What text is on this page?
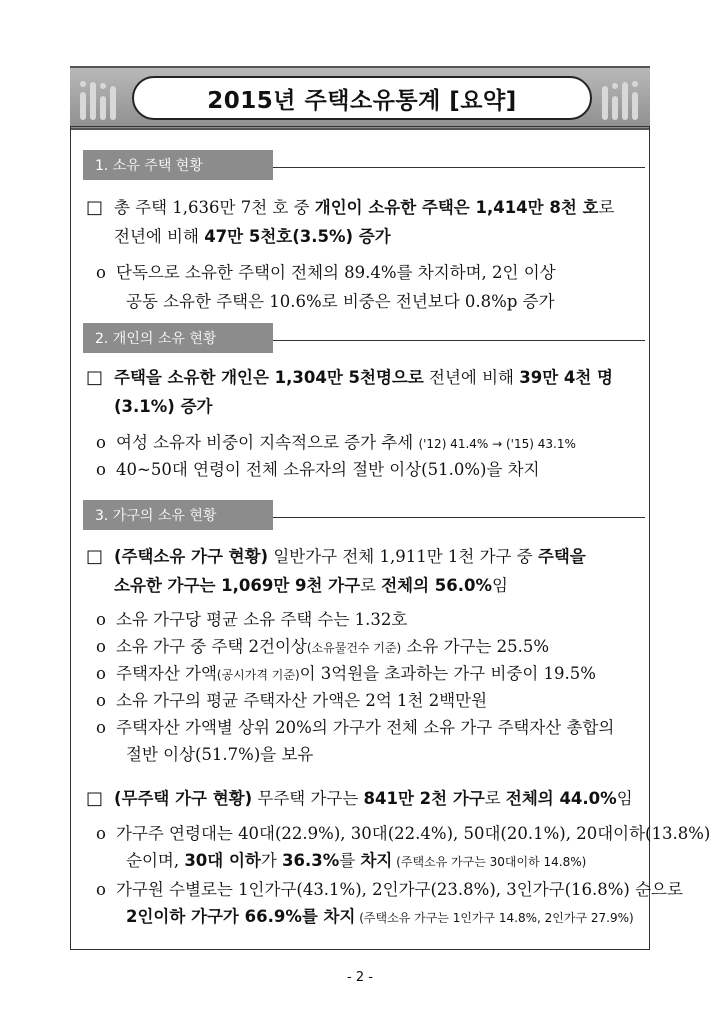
2015년 주택소유통계 [요약]
1. 소유 주택 현황
□ 총 주택 1,636만 7천 호 중 개인이 소유한 주택은 1,414만 8천 호로
전년에 비해 47만 5천호(3.5%) 증가
o 단독으로 소유한 주택이 전체의 89.4%를 차지하며, 2인 이상
공동 소유한 주택은 10.6%로 비중은 전년보다 0.8%p 증가
2. 개인의 소유 현황
□ 주택을 소유한 개인은 1,304만 5천명으로 전년에 비해 39만 4천 명
(3.1%) 증가
o 여성 소유자 비중이 지속적으로 증가 추세 ('12) 41.4% → ('15) 43.1%
o 40~50대 연령이 전체 소유자의 절반 이상(51.0%)을 차지
3. 가구의 소유 현황
□ (주택소유 가구 현황) 일반가구 전체 1,911만 1천 가구 중 주택을
소유한 가구는 1,069만 9천 가구로 전체의 56.0%임
o 소유 가구당 평균 소유 주택 수는 1.32호
o 소유 가구 중 주택 2건이상(소유물건수 기준) 소유 가구는 25.5%
o 주택자산 가액(공시가격 기준)이 3억원을 초과하는 가구 비중이 19.5%
o 소유 가구의 평균 주택자산 가액은 2억 1천 2백만원
o 주택자산 가액별 상위 20%의 가구가 전체 소유 가구 주택자산 총합의
절반 이상(51.7%)을 보유
□ (무주택 가구 현황) 무주택 가구는 841만 2천 가구로 전체의 44.0%임
o 가구주 연령대는 40대(22.9%), 30대(22.4%), 50대(20.1%), 20대이하(13.8%)
순이며, 30대 이하가 36.3%를 차지 (주택소유 가구는 30대이하 14.8%)
o 가구원 수별로는 1인가구(43.1%), 2인가구(23.8%), 3인가구(16.8%) 순으로
2인이하 가구가 66.9%를 차지 (주택소유 가구는 1인가구 14.8%, 2인가구 27.9%)
- 2 -
